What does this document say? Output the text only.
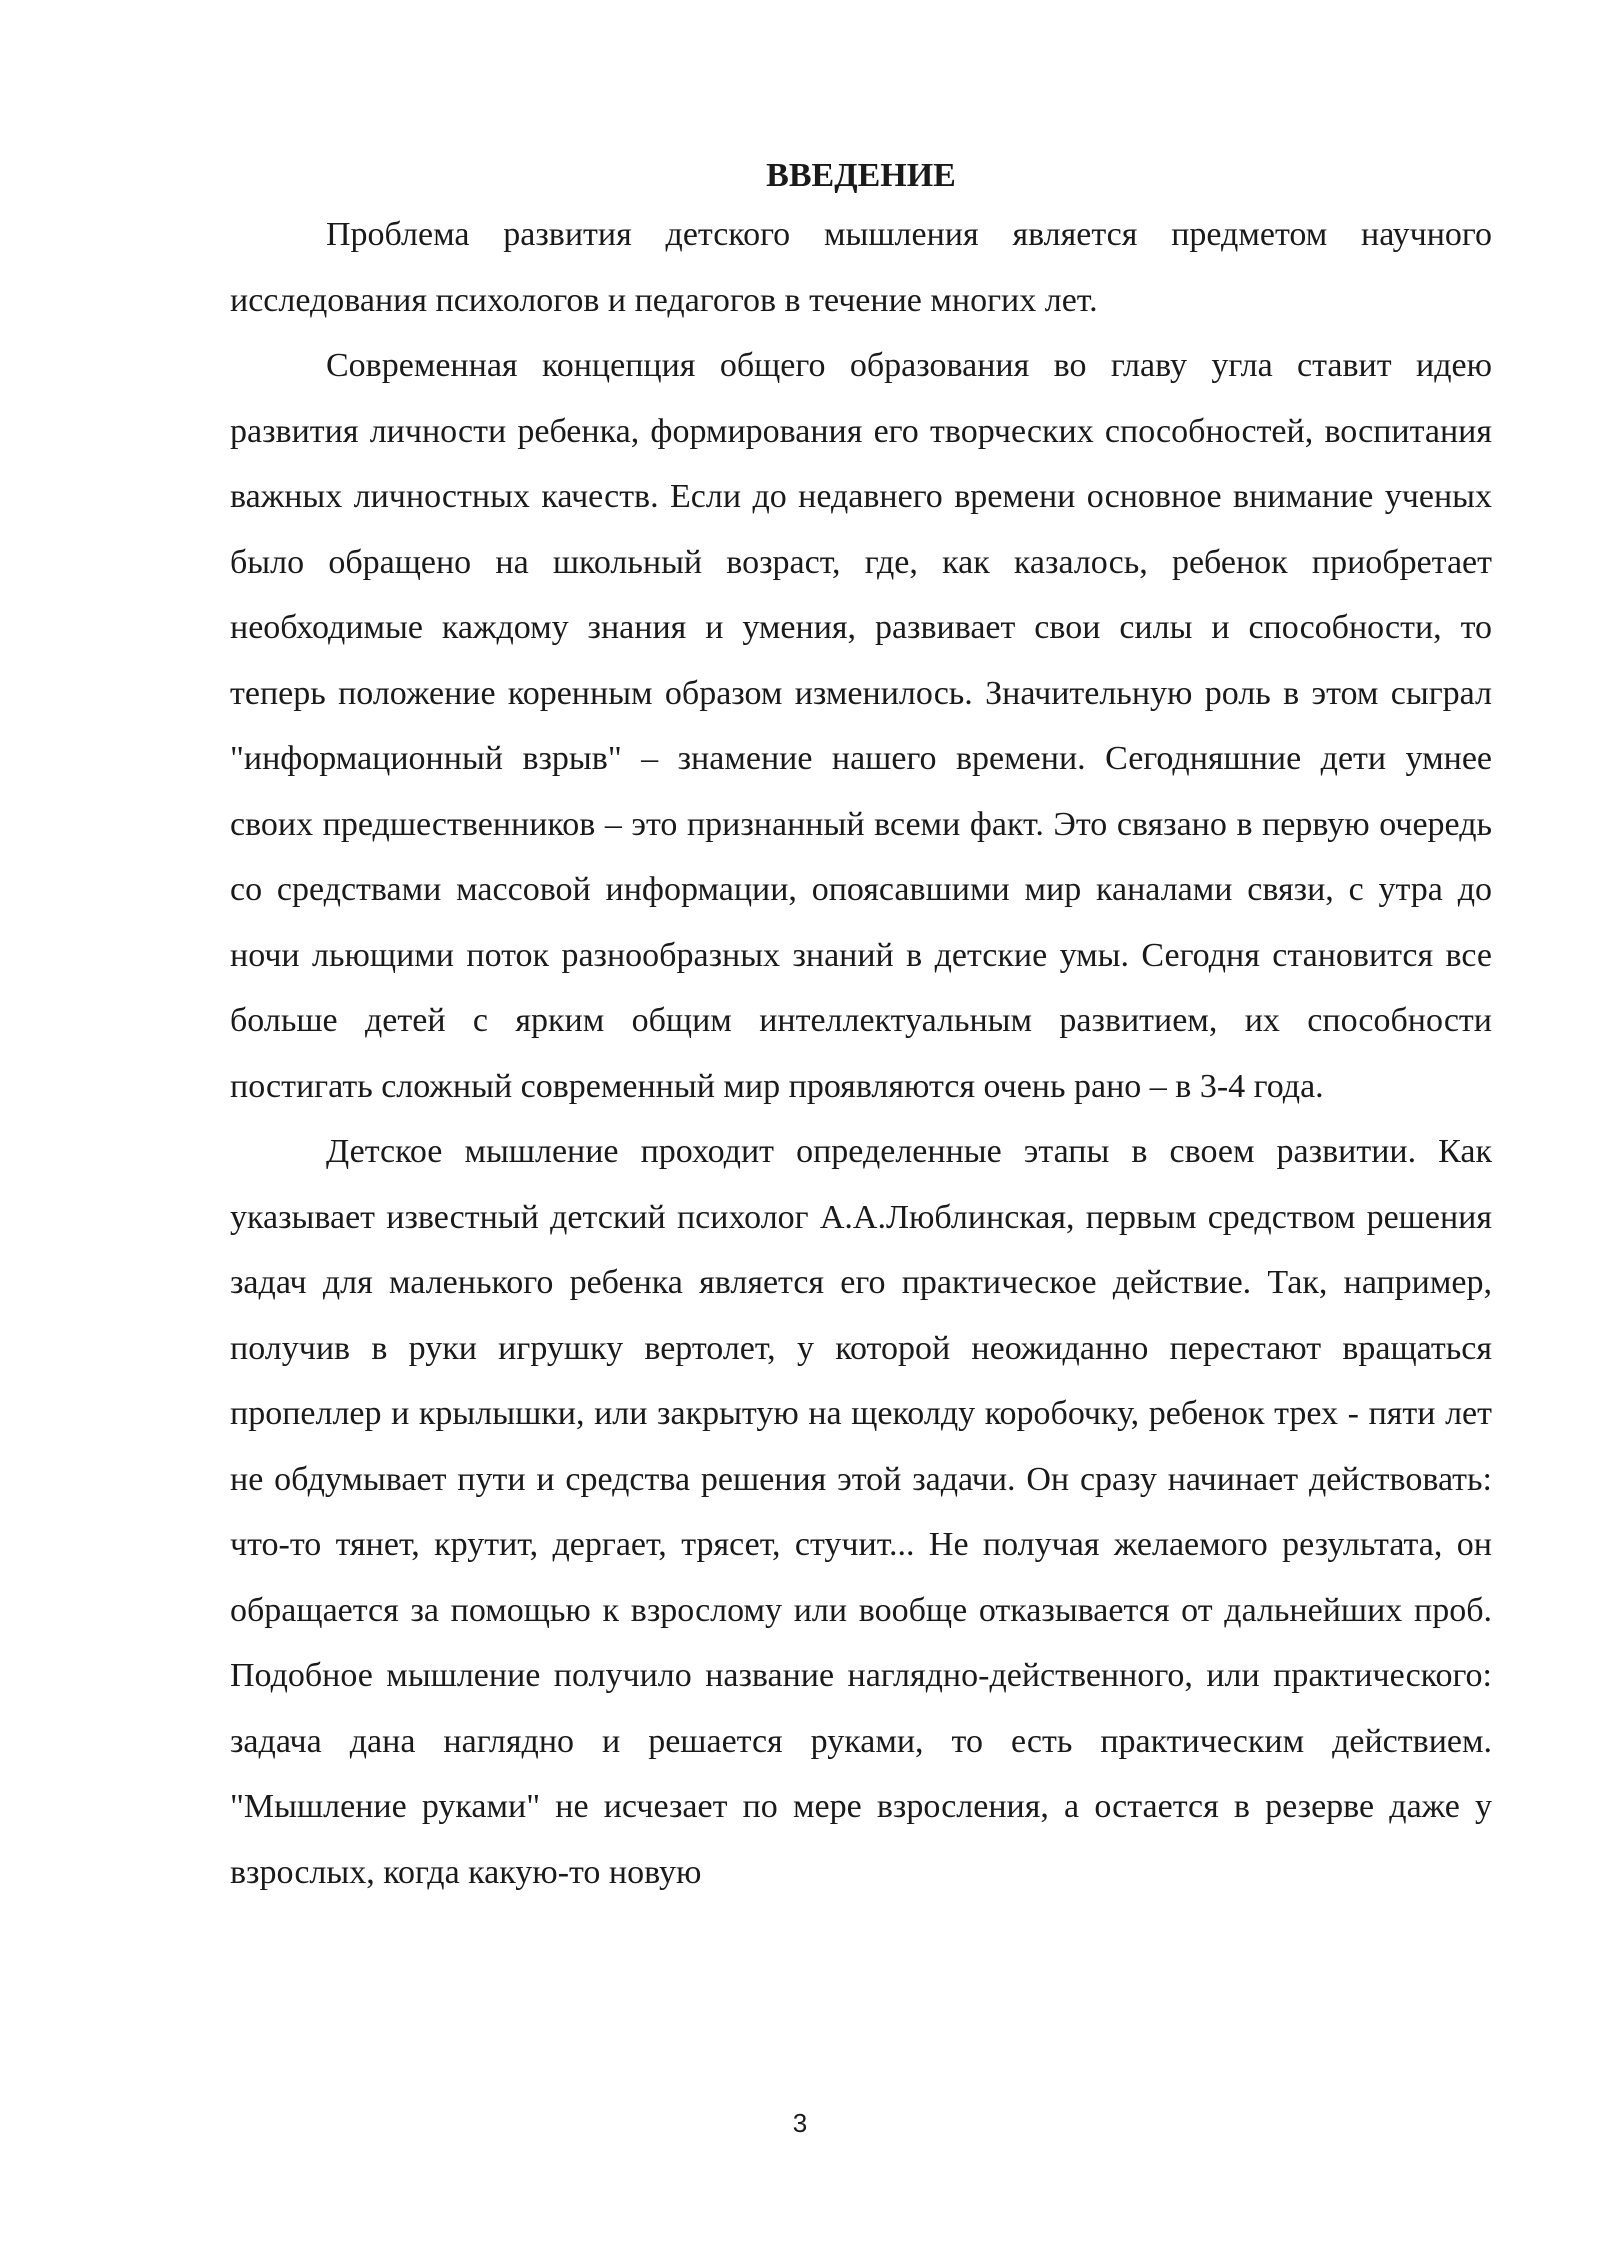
ВВЕДЕНИЕ

Проблема развития детского мышления является предметом научного исследования психологов и педагогов в течение многих лет.

Современная концепция общего образования во главу угла ставит идею развития личности ребенка, формирования его творческих способностей, воспитания важных личностных качеств. Если до недавнего времени основное внимание ученых было обращено на школьный возраст, где, как казалось, ребенок приобретает необходимые каждому знания и умения, развивает свои силы и способности, то теперь положение коренным образом изменилось. Значительную роль в этом сыграл "информационный взрыв" – знамение нашего времени. Сегодняшние дети умнее своих предшественников – это признанный всеми факт. Это связано в первую очередь со средствами массовой информации, опоясавшими мир каналами связи, с утра до ночи льющими поток разнообразных знаний в детские умы. Сегодня становится все больше детей с ярким общим интеллектуальным развитием, их способности постигать сложный современный мир проявляются очень рано – в 3-4 года.

Детское мышление проходит определенные этапы в своем развитии. Как указывает известный детский психолог А.А.Люблинская, первым средством решения задач для маленького ребенка является его практическое действие. Так, например, получив в руки игрушку вертолет, у которой неожиданно перестают вращаться пропеллер и крылышки, или закрытую на щеколду коробочку, ребенок трех - пяти лет не обдумывает пути и средства решения этой задачи. Он сразу начинает действовать: что-то тянет, крутит, дергает, трясет, стучит... Не получая желаемого результата, он обращается за помощью к взрослому или вообще отказывается от дальнейших проб. Подобное мышление получило название наглядно-действенного, или практического: задача дана наглядно и решается руками, то есть практическим действием. "Мышление руками" не исчезает по мере взросления, а остается в резерве даже у взрослых, когда какую-то новую

3
